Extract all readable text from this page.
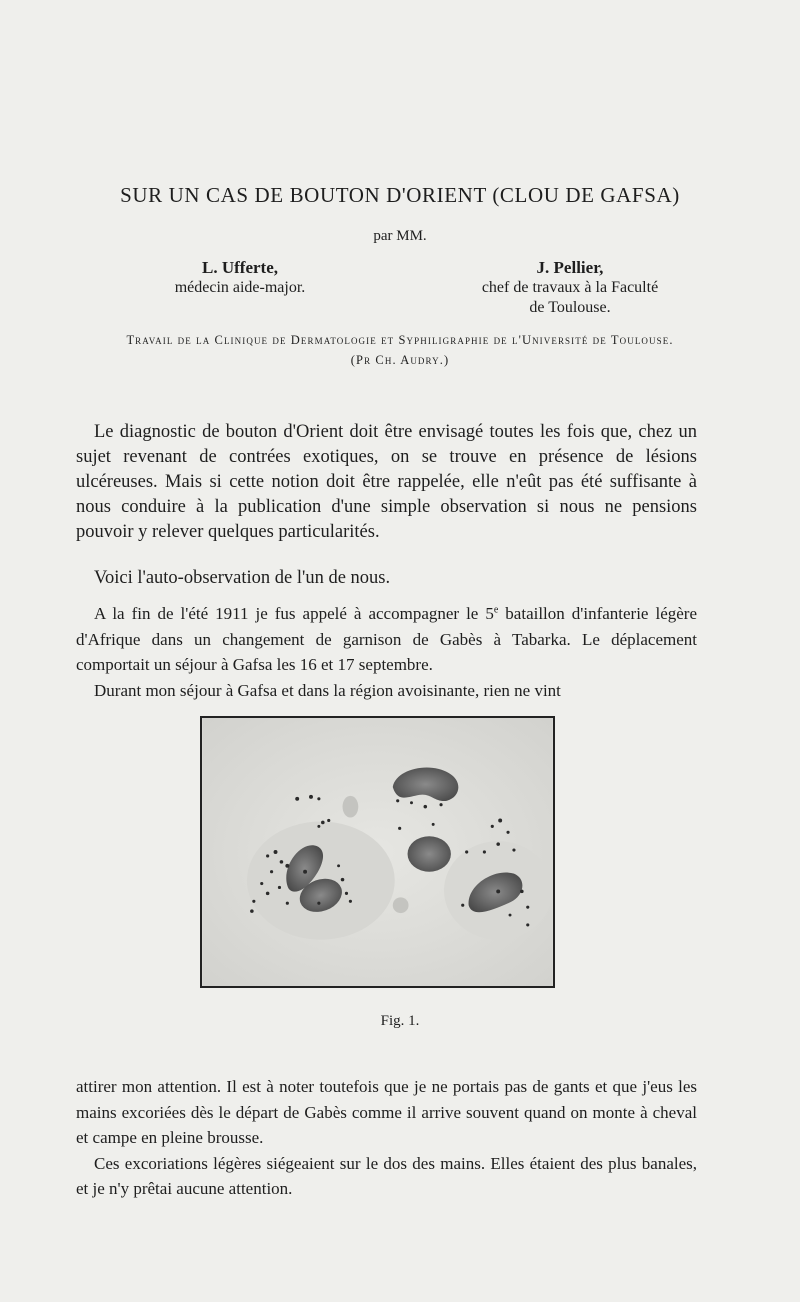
SUR UN CAS DE BOUTON D'ORIENT (CLOU DE GAFSA)
par MM.
L. Ufferte,
médecin aide-major.
J. Pellier,
chef de travaux à la Faculté
de Toulouse.
Travail de la Clinique de Dermatologie et Syphiligraphie de l'Université de Toulouse.
(Pr Ch. Audry.)

Le diagnostic de bouton d'Orient doit être envisagé toutes les fois que, chez un sujet revenant de contrées exotiques, on se trouve en présence de lésions ulcéreuses. Mais si cette notion doit être rappelée, elle n'eût pas été suffisante à nous conduire à la publication d'une simple observation si nous ne pensions pouvoir y relever quelques particularités.

Voici l'auto-observation de l'un de nous.

A la fin de l'été 1911 je fus appelé à accompagner le 5e bataillon d'infanterie légère d'Afrique dans un changement de garnison de Gabès à Tabarka. Le déplacement comportait un séjour à Gafsa les 16 et 17 septembre.

Durant mon séjour à Gafsa et dans la région avoisinante, rien ne vint

Fig. 1.

attirer mon attention. Il est à noter toutefois que je ne portais pas de gants et que j'eus les mains excoriées dès le départ de Gabès comme il arrive souvent quand on monte à cheval et campe en pleine brousse.

Ces excoriations légères siégeaient sur le dos des mains. Elles étaient des plus banales, et je n'y prêtai aucune attention.
